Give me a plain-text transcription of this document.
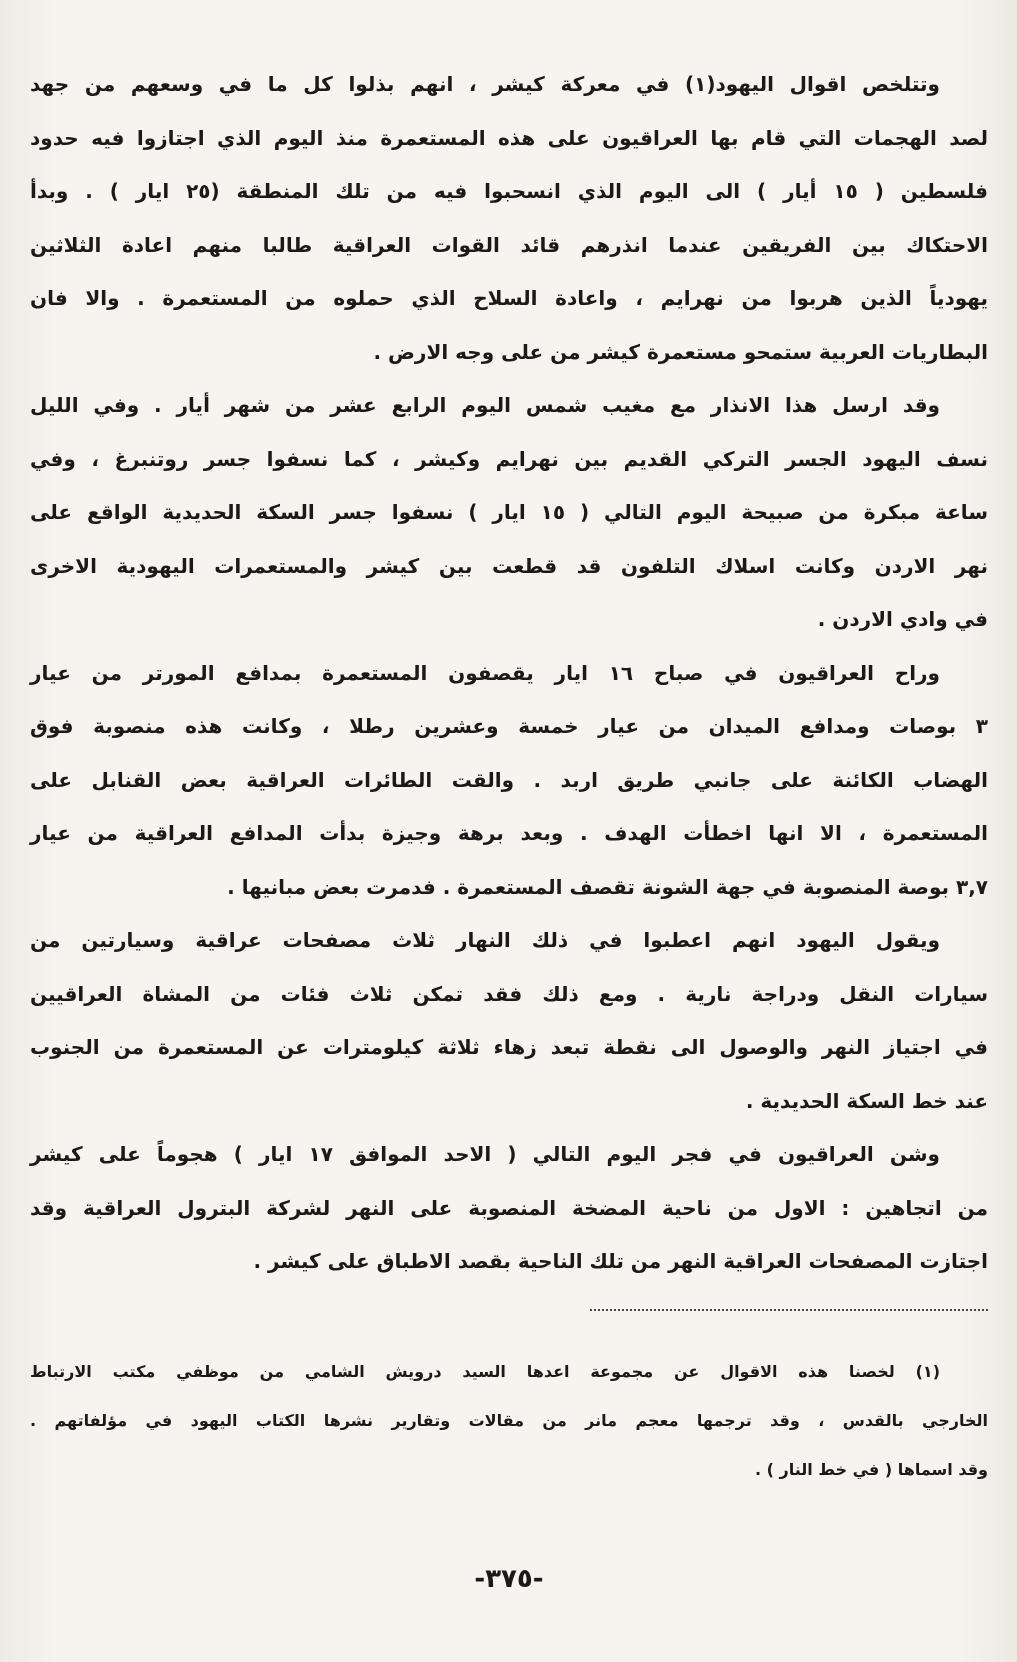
وتتلخص اقوال اليهود(١) في معركة كيشر ، انهم بذلوا كل ما في وسعهم من جهد
لصد الهجمات التي قام بها العراقيون على هذه المستعمرة منذ اليوم الذي اجتازوا فيه حدود
فلسطين ( ١٥ أيار ) الى اليوم الذي انسحبوا فيه من تلك المنطقة (٢٥ ايار ) . وبدأ
الاحتكاك بين الفريقين عندما انذرهم قائد القوات العراقية طالبا منهم اعادة الثلاثين
يهودياً الذين هربوا من نهرايم ، واعادة السلاح الذي حملوه من المستعمرة . والا فان
البطاريات العربية ستمحو مستعمرة كيشر من على وجه الارض .
وقد ارسل هذا الانذار مع مغيب شمس اليوم الرابع عشر من شهر أيار . وفي الليل
نسف اليهود الجسر التركي القديم بين نهرايم وكيشر ، كما نسفوا جسر روتنبرغ ، وفي
ساعة مبكرة من صبيحة اليوم التالي ( ١٥ ايار ) نسفوا جسر السكة الحديدية الواقع على
نهر الاردن وكانت اسلاك التلفون قد قطعت بين كيشر والمستعمرات اليهودية الاخرى
في وادي الاردن .
وراح العراقيون في صباح ١٦ ايار يقصفون المستعمرة بمدافع المورتر من عيار
٣ بوصات ومدافع الميدان من عيار خمسة وعشرين رطلا ، وكانت هذه منصوبة فوق
الهضاب الكائنة على جانبي طريق اربد . والقت الطائرات العراقية بعض القنابل على
المستعمرة ، الا انها اخطأت الهدف . وبعد برهة وجيزة بدأت المدافع العراقية من عيار
٣,٧ بوصة المنصوبة في جهة الشونة تقصف المستعمرة . فدمرت بعض مبانيها .
ويقول اليهود انهم اعطبوا في ذلك النهار ثلاث مصفحات عراقية وسيارتين من
سيارات النقل ودراجة نارية . ومع ذلك فقد تمكن ثلاث فئات من المشاة العراقيين
في اجتياز النهر والوصول الى نقطة تبعد زهاء ثلاثة كيلومترات عن المستعمرة من الجنوب
عند خط السكة الحديدية .
وشن العراقيون في فجر اليوم التالي ( الاحد الموافق ١٧ ايار ) هجوماً على كيشر
من اتجاهين : الاول من ناحية المضخة المنصوبة على النهر لشركة البترول العراقية وقد
اجتازت المصفحات العراقية النهر من تلك الناحية بقصد الاطباق على كيشر .
(١) لخصنا هذه الاقوال عن مجموعة اعدها السيد درويش الشامي من موظفي مكتب الارتباط
الخارجي بالقدس ، وقد ترجمها معجم مانر من مقالات وتقارير نشرها الكتاب اليهود في مؤلفاتهم .
وقد اسماها ( في خط النار ) .
-٣٧٥-
